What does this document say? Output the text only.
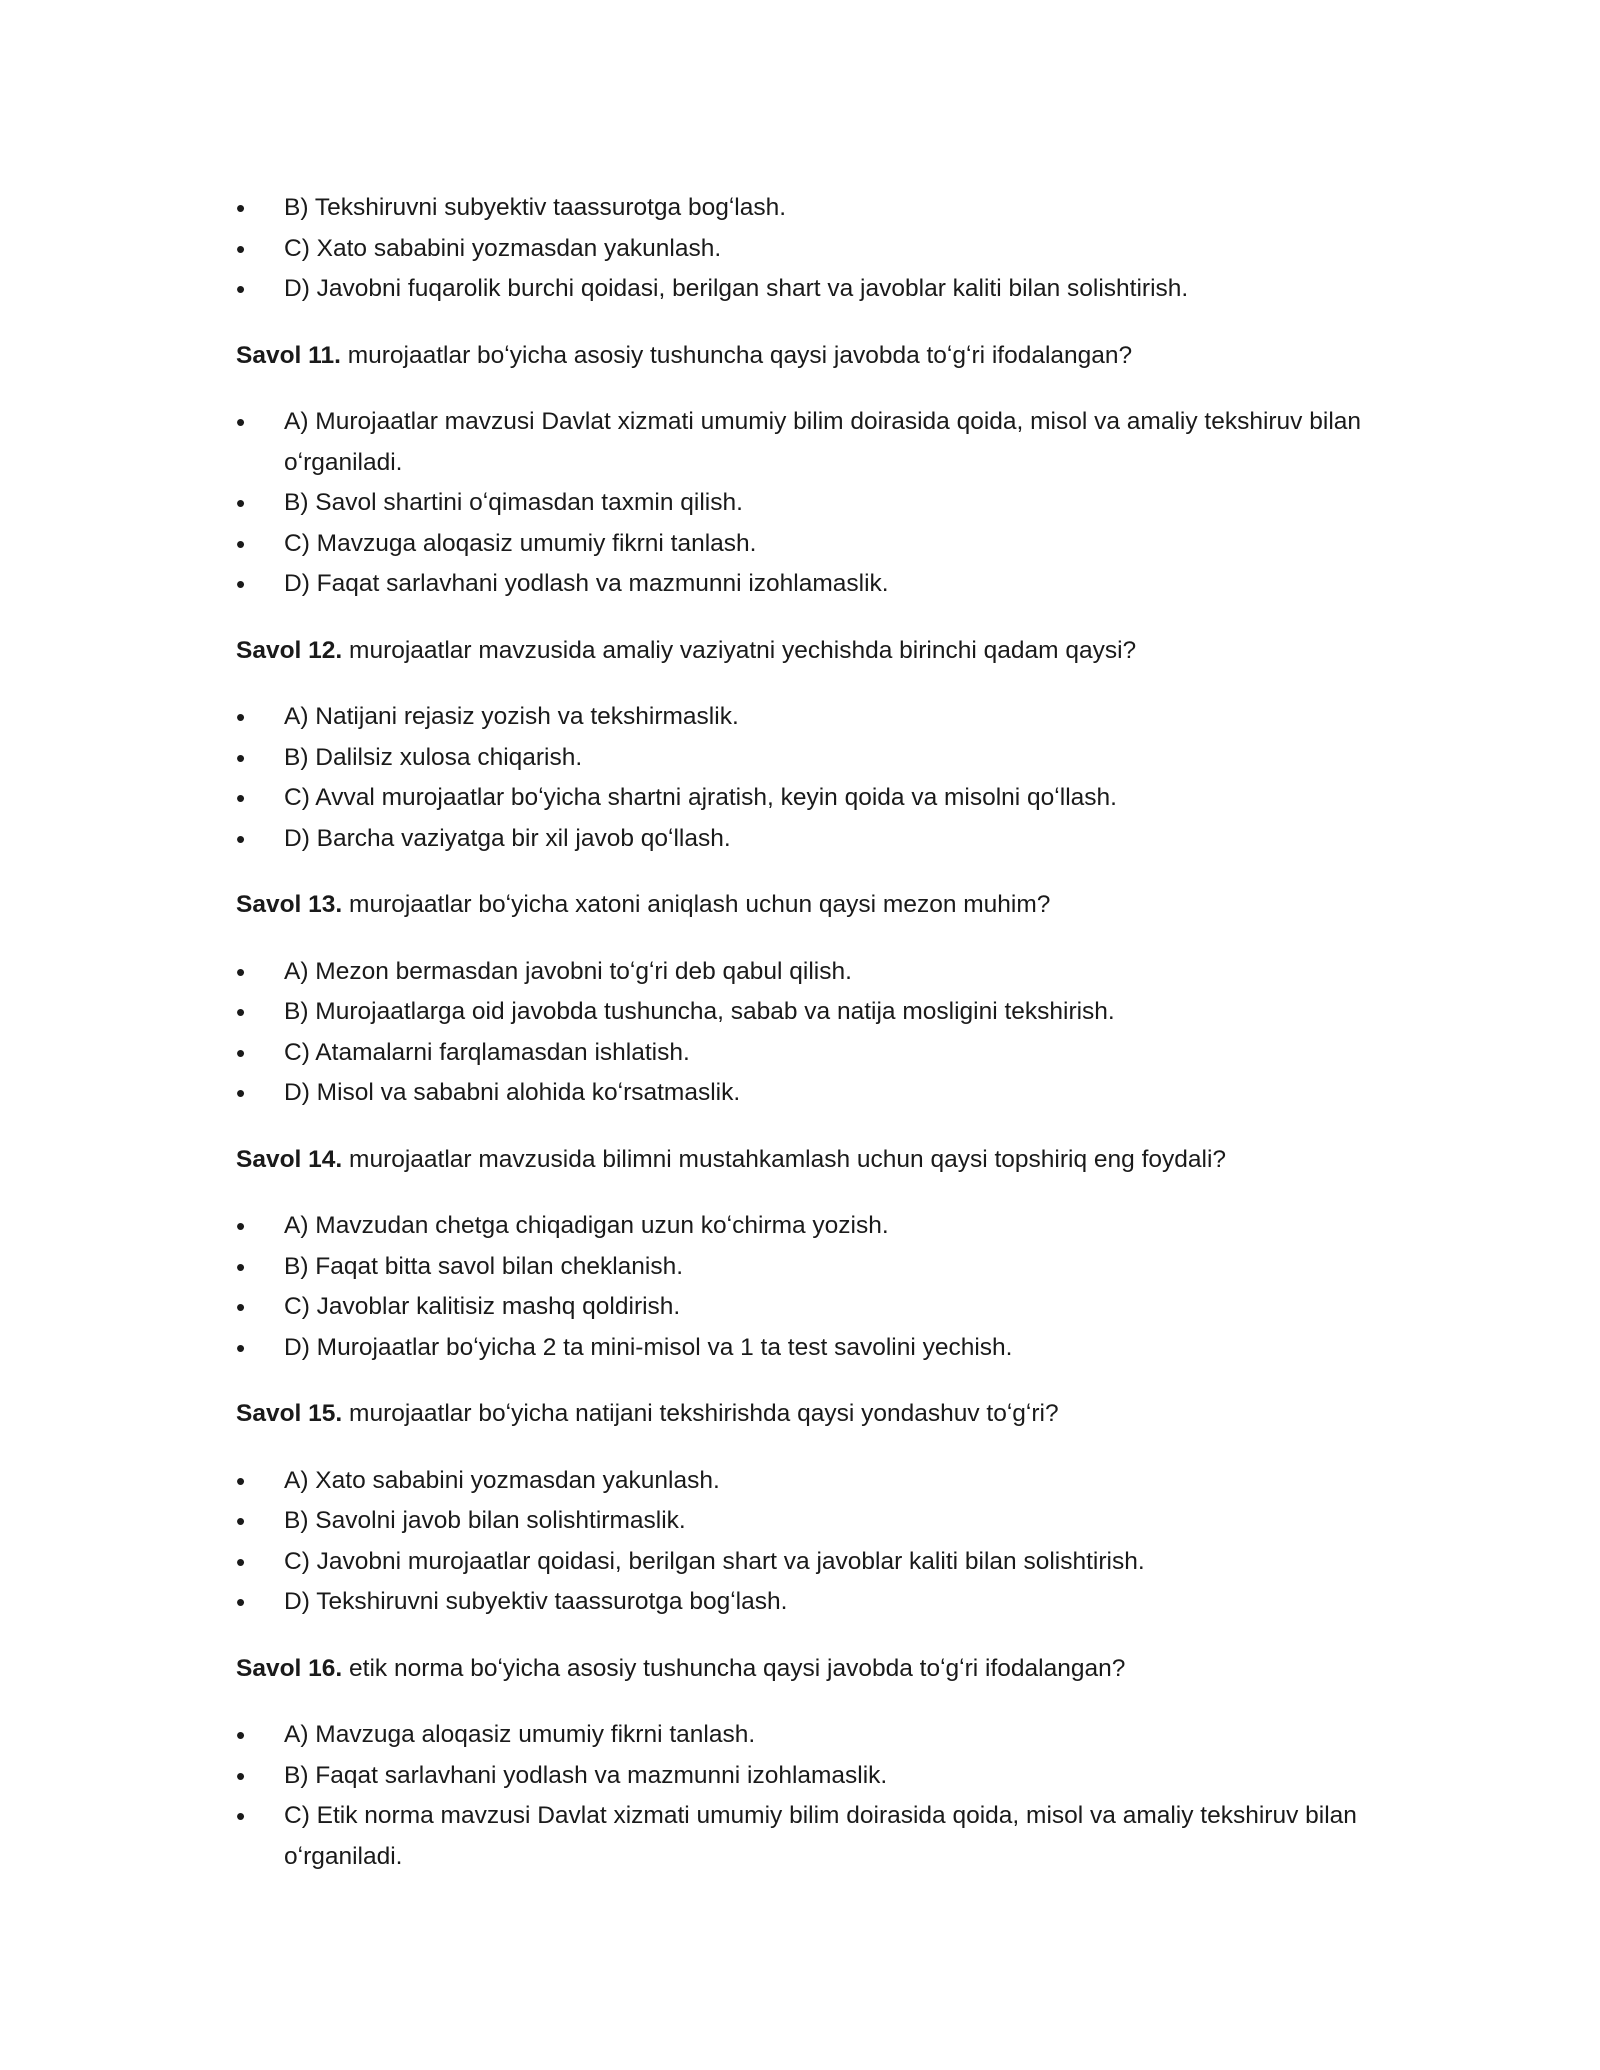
•	B) Tekshiruvni subyektiv taassurotga bogʻlash.
•	C) Xato sababini yozmasdan yakunlash.
•	D) Javobni fuqarolik burchi qoidasi, berilgan shart va javoblar kaliti bilan solishtirish.

Savol 11. murojaatlar boʻyicha asosiy tushuncha qaysi javobda toʻgʻri ifodalangan?

•	A) Murojaatlar mavzusi Davlat xizmati umumiy bilim doirasida qoida, misol va amaliy tekshiruv bilan oʻrganiladi.
•	B) Savol shartini oʻqimasdan taxmin qilish.
•	C) Mavzuga aloqasiz umumiy fikrni tanlash.
•	D) Faqat sarlavhani yodlash va mazmunni izohlamaslik.

Savol 12. murojaatlar mavzusida amaliy vaziyatni yechishda birinchi qadam qaysi?

•	A) Natijani rejasiz yozish va tekshirmaslik.
•	B) Dalilsiz xulosa chiqarish.
•	C) Avval murojaatlar boʻyicha shartni ajratish, keyin qoida va misolni qoʻllash.
•	D) Barcha vaziyatga bir xil javob qoʻllash.

Savol 13. murojaatlar boʻyicha xatoni aniqlash uchun qaysi mezon muhim?

•	A) Mezon bermasdan javobni toʻgʻri deb qabul qilish.
•	B) Murojaatlarga oid javobda tushuncha, sabab va natija mosligini tekshirish.
•	C) Atamalarni farqlamasdan ishlatish.
•	D) Misol va sababni alohida koʻrsatmaslik.

Savol 14. murojaatlar mavzusida bilimni mustahkamlash uchun qaysi topshiriq eng foydali?

•	A) Mavzudan chetga chiqadigan uzun koʻchirma yozish.
•	B) Faqat bitta savol bilan cheklanish.
•	C) Javoblar kalitisiz mashq qoldirish.
•	D) Murojaatlar boʻyicha 2 ta mini-misol va 1 ta test savolini yechish.

Savol 15. murojaatlar boʻyicha natijani tekshirishda qaysi yondashuv toʻgʻri?

•	A) Xato sababini yozmasdan yakunlash.
•	B) Savolni javob bilan solishtirmaslik.
•	C) Javobni murojaatlar qoidasi, berilgan shart va javoblar kaliti bilan solishtirish.
•	D) Tekshiruvni subyektiv taassurotga bogʻlash.

Savol 16. etik norma boʻyicha asosiy tushuncha qaysi javobda toʻgʻri ifodalangan?

•	A) Mavzuga aloqasiz umumiy fikrni tanlash.
•	B) Faqat sarlavhani yodlash va mazmunni izohlamaslik.
•	C) Etik norma mavzusi Davlat xizmati umumiy bilim doirasida qoida, misol va amaliy tekshiruv bilan oʻrganiladi.
